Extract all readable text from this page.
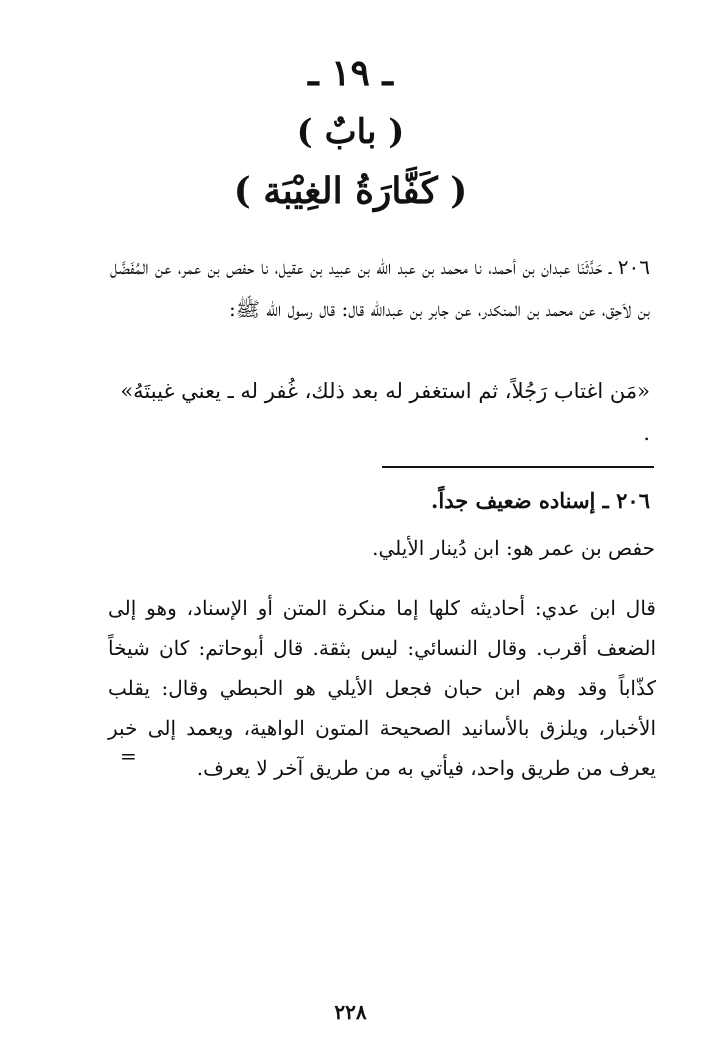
ـ ١٩ ـ
( بابٌ )
( كَفَّارَةُ الغِيْبَة )
٢٠٦ ـ حَدَّثَنَا عبدان بن أحمد، نا محمد بن عبد الله بن عبيد بن عقيل، نا حفص بن عمر، عن المُفَضَّل بن لاَحِق، عن محمد بن المنكدر، عن جابر بن عبدالله قال: قال رسول الله ﷺ:
«مَن اغتاب رَجُلاً، ثم استغفر له بعد ذلك، غُفر له ـ يعني غيبتَهُ» .
٢٠٦ ـ إسناده ضعيف جداً.
حفص بن عمر هو: ابن دُينار الأيلي.
قال ابن عدي: أحاديثه كلها إما منكرة المتن أو الإسناد، وهو إلى الضعف أقرب. وقال النسائي: ليس بثقة. قال أبوحاتم: كان شيخاً كذّاباً وقد وهم ابن حبان فجعل الأيلي هو الحبطي وقال: يقلب الأخبار، ويلزق بالأسانيد الصحيحة المتون الواهية، ويعمد إلى خبر يعرف من طريق واحد، فيأتي به من طريق آخر لا يعرف.
=
٢٢٨
